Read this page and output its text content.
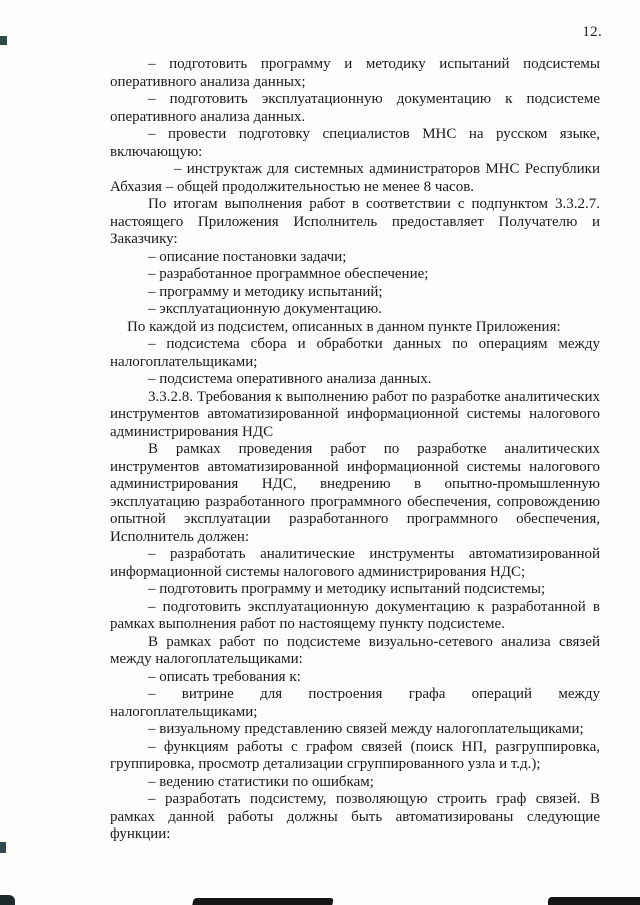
12.

– подготовить программу и методику испытаний подсистемы оперативного анализа данных;

– подготовить эксплуатационную документацию к подсистеме оперативного анализа данных.

– провести подготовку специалистов МНС на русском языке, включающую:

– инструктаж для системных администраторов МНС Республики Абхазия – общей продолжительностью не менее 8 часов.

По итогам выполнения работ в соответствии с подпунктом 3.3.2.7. настоящего Приложения Исполнитель предоставляет Получателю и Заказчику:

– описание постановки задачи;

– разработанное программное обеспечение;

– программу и методику испытаний;

– эксплуатационную документацию.

По каждой из подсистем, описанных в данном пункте Приложения:

– подсистема сбора и обработки данных по операциям между налогоплательщиками;

– подсистема оперативного анализа данных.

3.3.2.8. Требования к выполнению работ по разработке аналитических инструментов автоматизированной информационной системы налогового администрирования НДС

В рамках проведения работ по разработке аналитических инструментов автоматизированной информационной системы налогового администрирования НДС, внедрению в опытно-промышленную эксплуатацию разработанного программного обеспечения, сопровождению опытной эксплуатации разработанного программного обеспечения, Исполнитель должен:

– разработать аналитические инструменты автоматизированной информационной системы налогового администрирования НДС;

– подготовить программу и методику испытаний подсистемы;

– подготовить эксплуатационную документацию к разработанной в рамках выполнения работ по настоящему пункту подсистеме.

В рамках работ по подсистеме визуально-сетевого анализа связей между налогоплательщиками:

– описать требования к:

– витрине для построения графа операций между налогоплательщиками;

– визуальному представлению связей между налогоплательщиками;

– функциям работы с графом связей (поиск НП, разгруппировка, группировка, просмотр детализации сгруппированного узла и т.д.);

– ведению статистики по ошибкам;

– разработать подсистему, позволяющую строить граф связей. В рамках данной работы должны быть автоматизированы следующие функции:
